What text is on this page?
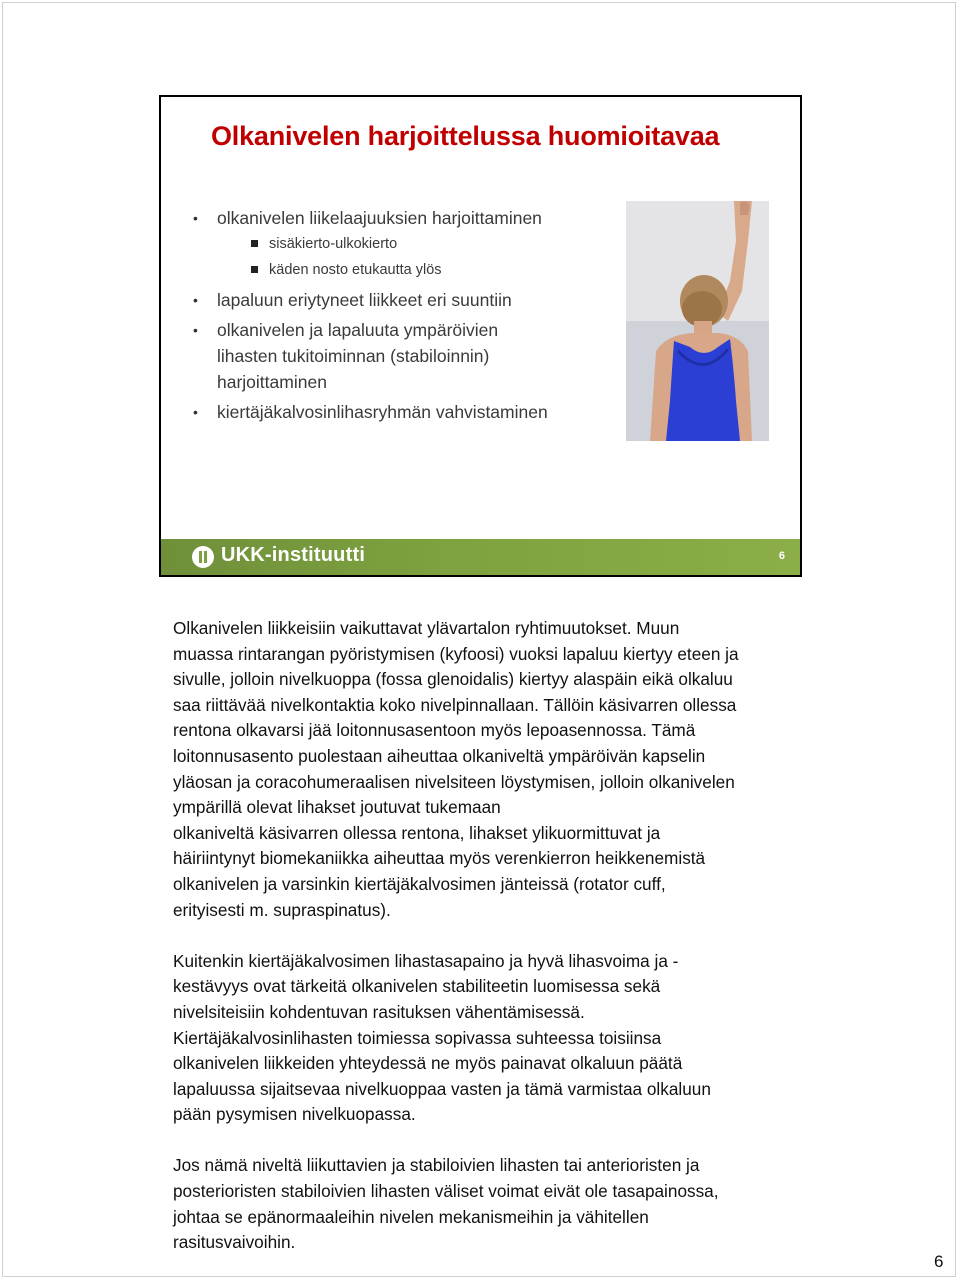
Olkanivelen harjoittelussa huomioitavaa
• olkanivelen liikelaajuuksien harjoittaminen
sisäkierto-ulkokierto
käden nosto etukautta ylös
• lapaluun eriytyneet liikkeet eri suuntiin
• olkanivelen ja lapaluuta ympäröivien
lihasten tukitoiminnan (stabiloinnin)
harjoittaminen
• kiertäjäkalvosinlihasryhmän vahvistaminen
UKK-instituutti	6

Olkanivelen liikkeisiin vaikuttavat ylävartalon ryhtimuutokset. Muun
muassa rintarangan pyöristymisen (kyfoosi) vuoksi lapaluu kiertyy eteen ja
sivulle, jolloin nivelkuoppa (fossa glenoidalis) kiertyy alaspäin eikä olkaluu
saa riittävää nivelkontaktia koko nivelpinnallaan. Tällöin käsivarren ollessa
rentona olkavarsi jää loitonnusasentoon myös lepoasennossa. Tämä
loitonnusasento puolestaan aiheuttaa olkaniveltä ympäröivän kapselin
yläosan ja coracohumeraalisen nivelsiteen löystymisen, jolloin olkanivelen
ympärillä olevat lihakset joutuvat tukemaan
olkaniveltä käsivarren ollessa rentona, lihakset ylikuormittuvat ja
häiriintynyt biomekaniikka aiheuttaa myös verenkierron heikkenemistä
olkanivelen ja varsinkin kiertäjäkalvosimen jänteissä (rotator cuff,
erityisesti m. supraspinatus).

Kuitenkin kiertäjäkalvosimen lihastasapaino ja hyvä lihasvoima ja -
kestävyys ovat tärkeitä olkanivelen stabiliteetin luomisessa sekä
nivelsiteisiin kohdentuvan rasituksen vähentämisessä.
Kiertäjäkalvosinlihasten toimiessa sopivassa suhteessa toisiinsa
olkanivelen liikkeiden yhteydessä ne myös painavat olkaluun päätä
lapaluussa sijaitsevaa nivelkuoppaa vasten ja tämä varmistaa olkaluun
pään pysymisen nivelkuopassa.

Jos nämä niveltä liikuttavien ja stabiloivien lihasten tai anterioristen ja
posterioristen stabiloivien lihasten väliset voimat eivät ole tasapainossa,
johtaa se epänormaaleihin nivelen mekanismeihin ja vähitellen
rasitusvaivoihin.

6
